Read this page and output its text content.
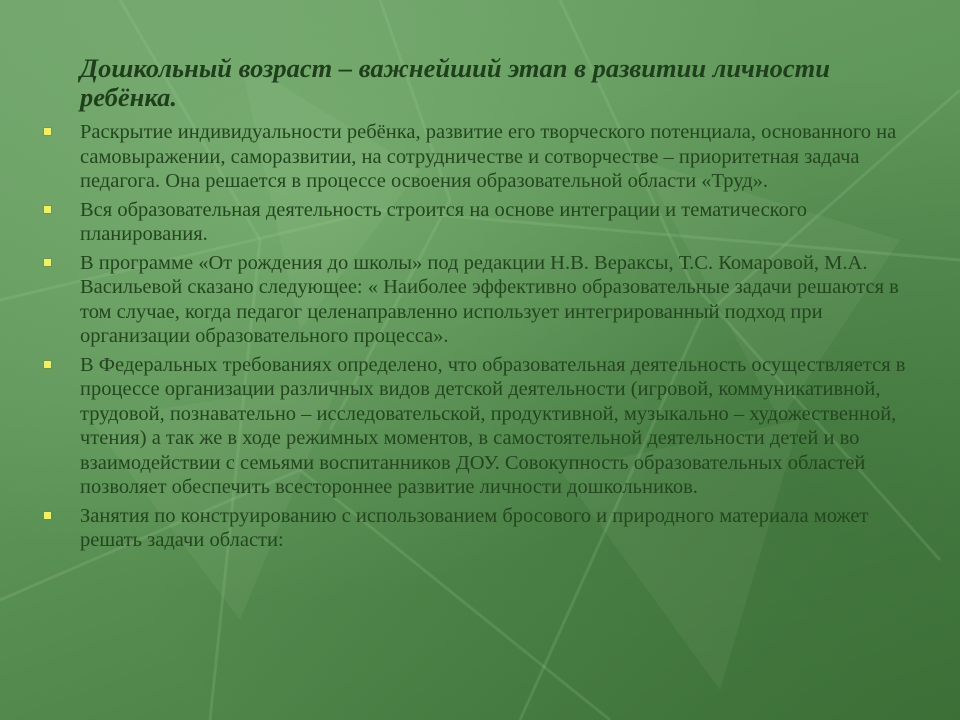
Дошкольный возраст – важнейший этап в развитии личности ребёнка.
Раскрытие индивидуальности ребёнка, развитие его творческого потенциала, основанного на самовыражении, саморазвитии, на сотрудничестве и сотворчестве – приоритетная задача педагога. Она решается в процессе освоения образовательной области «Труд».
Вся образовательная деятельность строится на основе интеграции и тематического планирования.
В программе «От рождения до школы» под редакции Н.В. Вераксы, Т.С. Комаровой, М.А. Васильевой сказано следующее: « Наиболее эффективно образовательные задачи решаются в том случае, когда педагог целенаправленно использует интегрированный подход при организации образовательного процесса».
В Федеральных требованиях определено, что образовательная деятельность осуществляется в процессе организации различных видов детской деятельности (игровой, коммуникативной, трудовой, познавательно – исследовательской, продуктивной, музыкально – художественной, чтения) а так же в ходе режимных моментов, в самостоятельной деятельности детей и во взаимодействии с семьями воспитанников ДОУ. Совокупность образовательных областей позволяет обеспечить всестороннее развитие личности дошкольников.
Занятия по конструированию с использованием бросового и природного материала может решать задачи области:
